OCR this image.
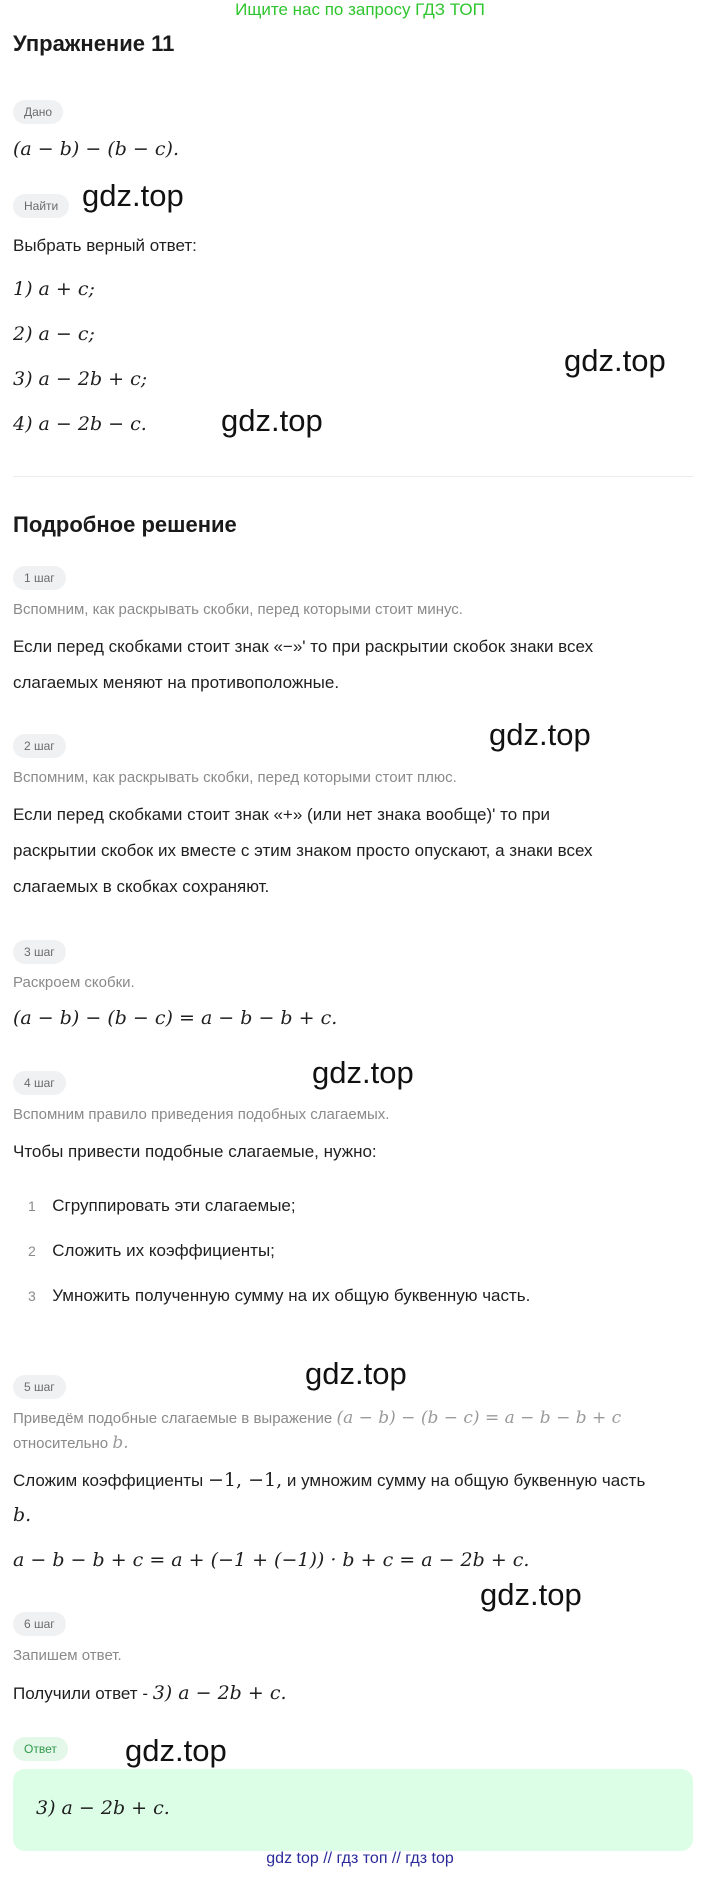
Ищите нас по запросу ГДЗ ТОП
Упражнение 11
Дано
(a − b) − (b − c).
Найти
Выбрать верный ответ:
1) a + c;
2) a − c;
3) a − 2b + c;
4) a − 2b − c.
Подробное решение
1 шаг
Вспомним, как раскрывать скобки, перед которыми стоит минус.
Если перед скобками стоит знак «−»' то при раскрытии скобок знаки всех
слагаемых меняют на противоположные.
2 шаг
Вспомним, как раскрывать скобки, перед которыми стоит плюс.
Если перед скобками стоит знак «+» (или нет знака вообще)' то при
раскрытии скобок их вместе с этим знаком просто опускают, а знаки всех
слагаемых в скобках сохраняют.
3 шаг
Раскроем скобки.
(a − b) − (b − c) = a − b − b + c.
4 шаг
Вспомним правило приведения подобных слагаемых.
Чтобы привести подобные слагаемые, нужно:
1 Сгруппировать эти слагаемые;
2 Сложить их коэффициенты;
3 Умножить полученную сумму на их общую буквенную часть.
5 шаг
Приведём подобные слагаемые в выражение (a − b) − (b − c) = a − b − b + c
относительно b.
Сложим коэффициенты −1, −1, и умножим сумму на общую буквенную часть
b.
a − b − b + c = a + (−1 + (−1)) · b + c = a − 2b + c.
6 шаг
Запишем ответ.
Получили ответ - 3) a − 2b + c.
Ответ
3) a − 2b + c.
gdz.top
gdz.top
gdz.top
gdz.top
gdz.top
gdz.top
gdz.top
gdz.top
gdz top // гдз топ // гдз top
